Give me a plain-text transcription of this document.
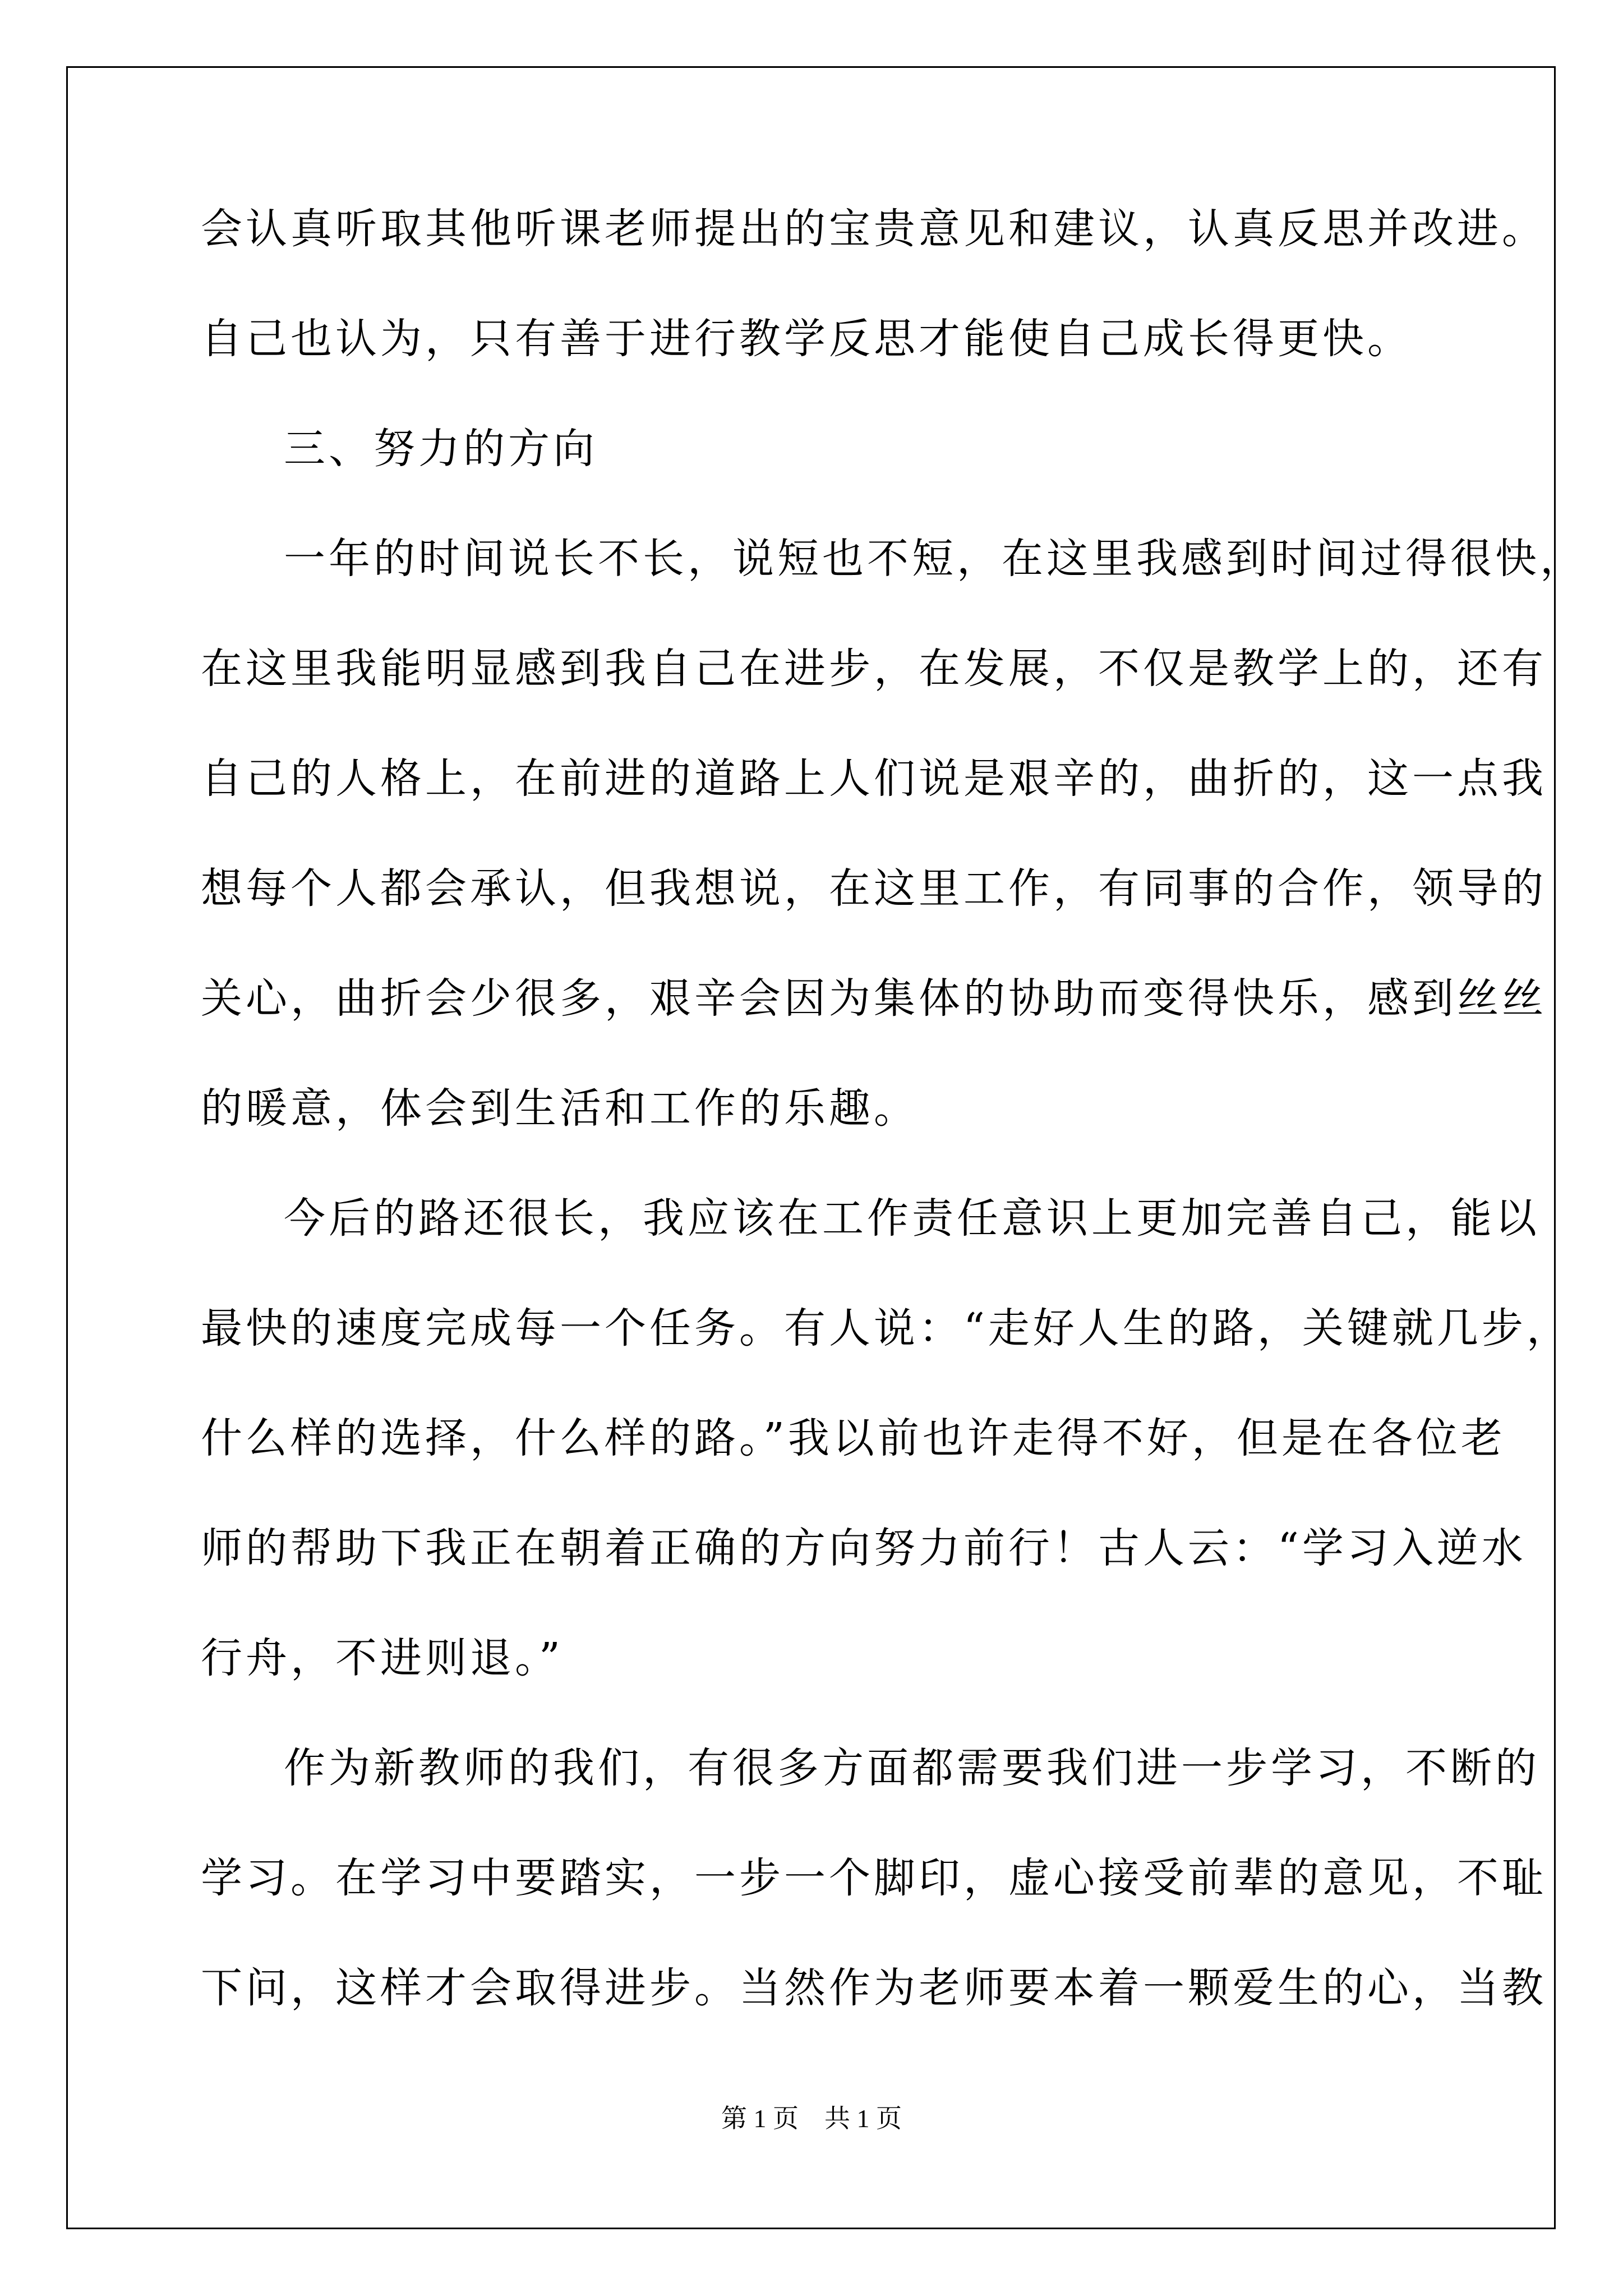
会认真听取其他听课老师提出的宝贵意见和建议，认真反思并改进。
自己也认为，只有善于进行教学反思才能使自己成长得更快。
三、努力的方向
一年的时间说长不长，说短也不短，在这里我感到时间过得很快，
在这里我能明显感到我自己在进步，在发展，不仅是教学上的，还有
自己的人格上，在前进的道路上人们说是艰辛的，曲折的，这一点我
想每个人都会承认，但我想说，在这里工作，有同事的合作，领导的
关心，曲折会少很多，艰辛会因为集体的协助而变得快乐，感到丝丝
的暖意，体会到生活和工作的乐趣。
今后的路还很长，我应该在工作责任意识上更加完善自己，能以
最快的速度完成每一个任务。有人说：“走好人生的路，关键就几步，
什么样的选择，什么样的路。”我以前也许走得不好，但是在各位老
师的帮助下我正在朝着正确的方向努力前行！古人云：“学习入逆水
行舟，不进则退。”
作为新教师的我们，有很多方面都需要我们进一步学习，不断的
学习。在学习中要踏实，一步一个脚印，虚心接受前辈的意见，不耻
下问，这样才会取得进步。当然作为老师要本着一颗爱生的心，当教
第 1 页　共 1 页
